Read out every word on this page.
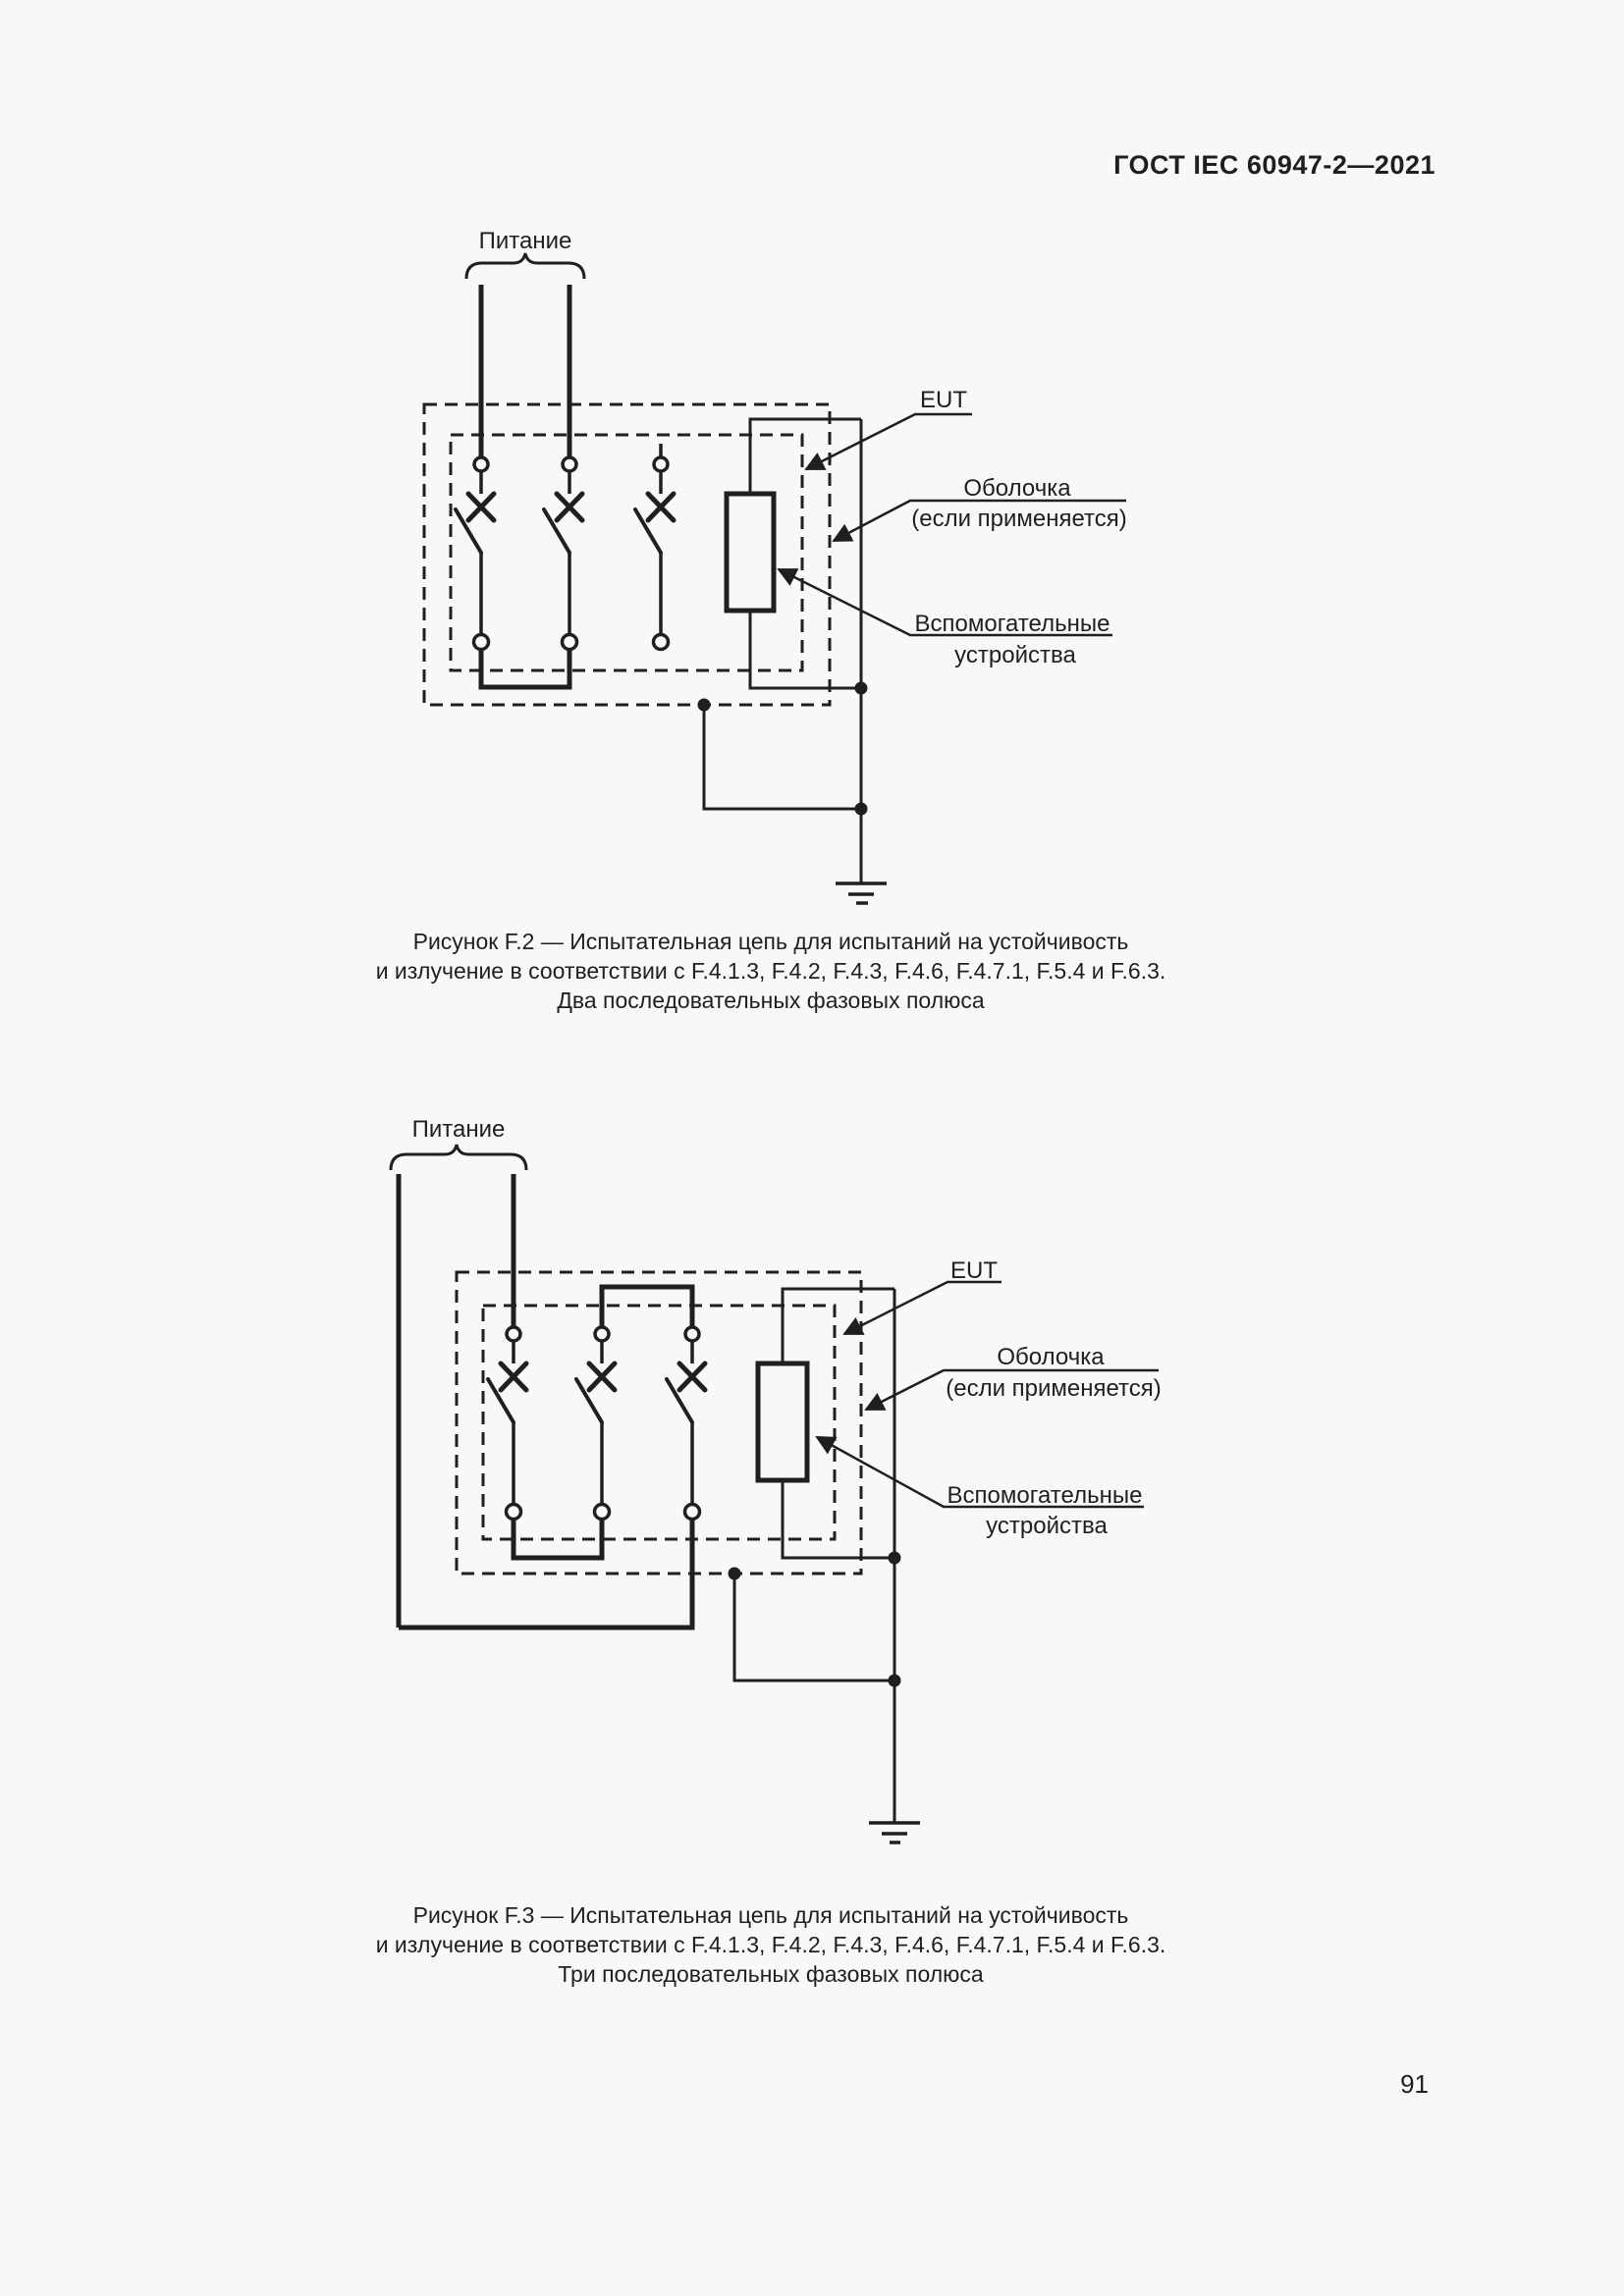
ГОСТ IEC 60947-2—2021
Питание
EUT
Оболочка
(если применяется)
Вспомогательные
устройства
Питание
EUT
Оболочка
(если применяется)
Вспомогательные
устройства
Рисунок F.2 — Испытательная цепь для испытаний на устойчивость
и излучение в соответствии с F.4.1.3, F.4.2, F.4.3, F.4.6, F.4.7.1, F.5.4 и F.6.3.
Два последовательных фазовых полюса
Рисунок F.3 — Испытательная цепь для испытаний на устойчивость
и излучение в соответствии с F.4.1.3, F.4.2, F.4.3, F.4.6, F.4.7.1, F.5.4 и F.6.3.
Три последовательных фазовых полюса
91
